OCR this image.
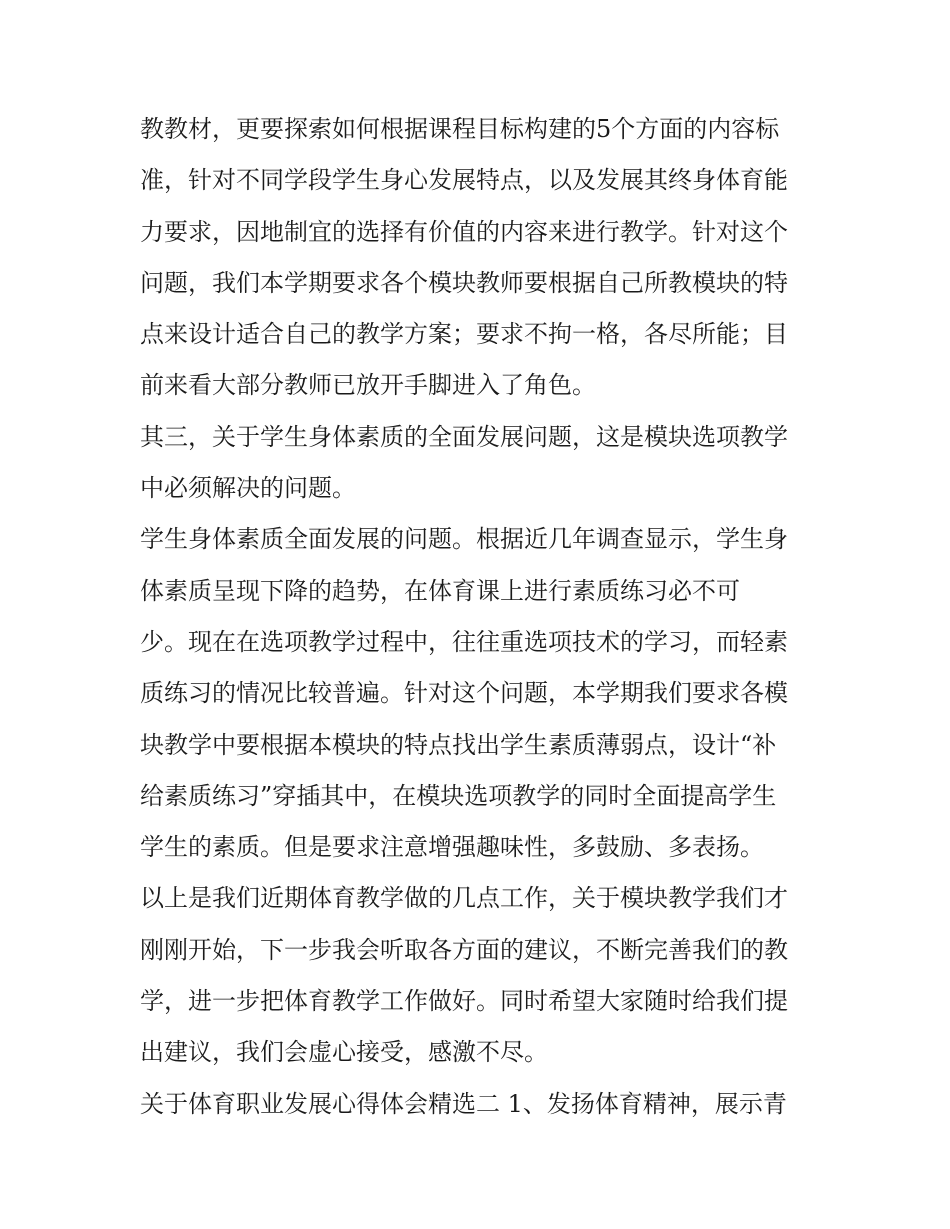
教教材，更要探索如何根据课程目标构建的5个方面的内容标
准，针对不同学段学生身心发展特点，以及发展其终身体育能
力要求，因地制宜的选择有价值的内容来进行教学。针对这个
问题，我们本学期要求各个模块教师要根据自己所教模块的特
点来设计适合自己的教学方案；要求不拘一格，各尽所能；目
前来看大部分教师已放开手脚进入了角色。
其三，关于学生身体素质的全面发展问题，这是模块选项教学
中必须解决的问题。
学生身体素质全面发展的问题。根据近几年调查显示，学生身
体素质呈现下降的趋势，在体育课上进行素质练习必不可
少。现在在选项教学过程中，往往重选项技术的学习，而轻素
质练习的情况比较普遍。针对这个问题，本学期我们要求各模
块教学中要根据本模块的特点找出学生素质薄弱点，设计“补
给素质练习”穿插其中，在模块选项教学的同时全面提高学生
学生的素质。但是要求注意增强趣味性，多鼓励、多表扬。
以上是我们近期体育教学做的几点工作，关于模块教学我们才
刚刚开始，下一步我会听取各方面的建议，不断完善我们的教
学，进一步把体育教学工作做好。同时希望大家随时给我们提
出建议，我们会虚心接受，感激不尽。
关于体育职业发展心得体会精选二 1、发扬体育精神，展示青
